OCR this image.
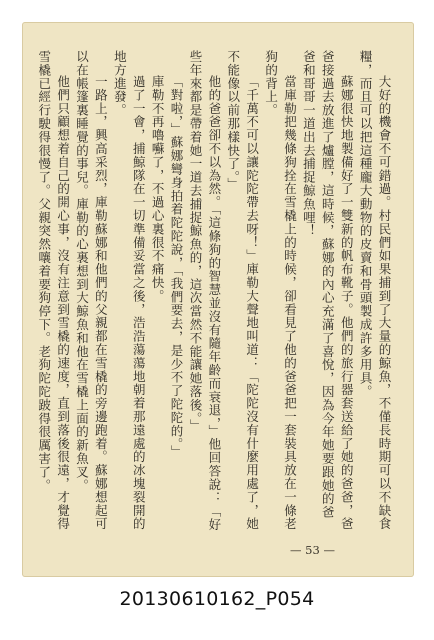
大好的機會不可錯過。村民們如果捕到了大量的鯨魚，不僅長時期可以不缺食糧，而且可以把這種龐大動物的皮賣和骨頭製成許多用具。

蘇娜很快地製備好了一雙新的帆布靴子。他們的旅行器套送給了她的爸爸，爸爸接過去放進了爐膛，這時候，蘇娜的內心充滿了喜悅，因為今年她要跟她的爸爸和哥哥一道出去捕捉鯨魚哩！

當庫勒把幾條狗拴在雪橇上的時候，卻看見了他的爸爸把一套裝具放在一條老狗的背上。

「千萬不可以讓陀陀帶去呀！」庫勒大聲地叫道：「陀陀沒有什麼用處了，她不能像以前那樣快了。」

他的爸爸卻不以為然。「這條狗的智慧並沒有隨年齡而衰退，」他回答說：「好些年來都是帶着她一道去捕捉鯨魚的，這次當然不能讓她落後。」

「對啦，」蘇娜彎身拍着陀陀說，「我們要去，是少不了陀陀的。」

庫勒不再嚕囌了，不過心裏很不痛快。

過了一會，捕鯨隊在一切準備妥當之後，浩浩蕩蕩地朝着那遠處的冰塊裂開的地方進發。

一路上，興高采烈，庫勒蘇娜和他們的父親都在雪橇的旁邊跑着。蘇娜想起可以在帳篷裏睡覺的事兒。庫勒的心裏想到大鯨魚和他在雪橇上面的新魚叉。

他們只顧想着自己的開心事，沒有注意到雪橇的速度，直到落後很遠，才覺得雪橇已經行駛得很慢了。父親突然嚷着要狗停下。老狗陀陀跛得很厲害了。

— 53 —
20130610162_P054
